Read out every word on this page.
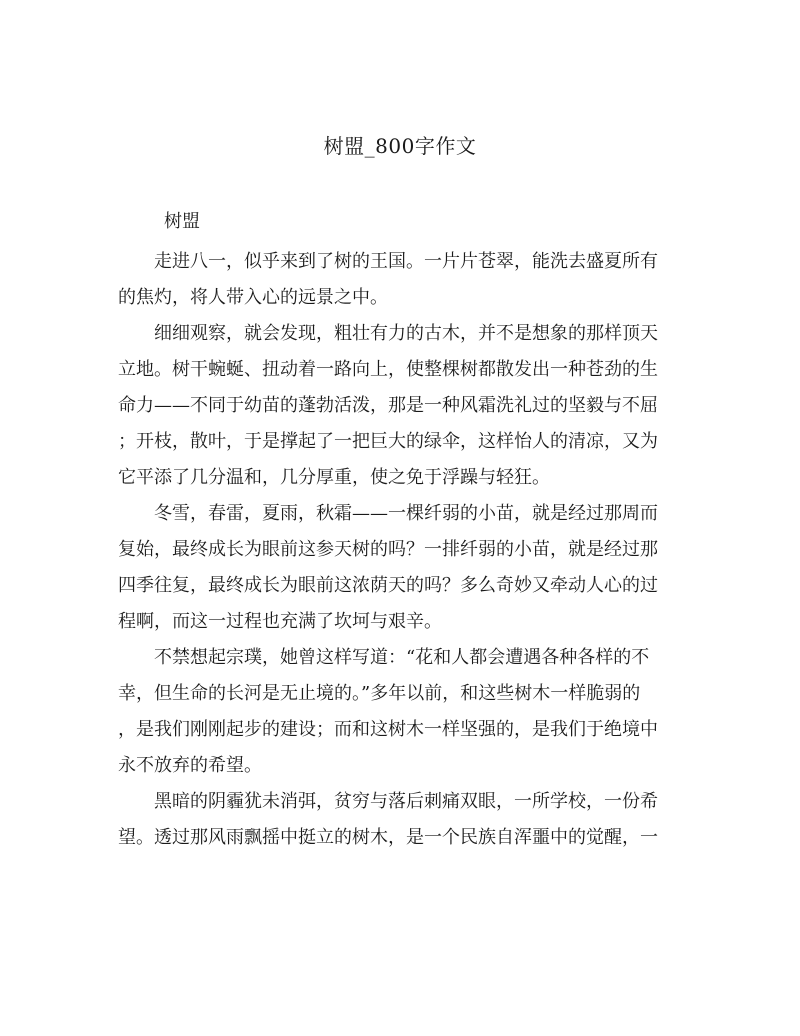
树盟_800字作文

树盟

　　走进八一，似乎来到了树的王国。一片片苍翠，能洗去盛夏所有
的焦灼，将人带入心的远景之中。
　　细细观察，就会发现，粗壮有力的古木，并不是想象的那样顶天
立地。树干蜿蜒、扭动着一路向上，使整棵树都散发出一种苍劲的生
命力——不同于幼苗的蓬勃活泼，那是一种风霜洗礼过的坚毅与不屈
；开枝，散叶，于是撑起了一把巨大的绿伞，这样怡人的清凉，又为
它平添了几分温和，几分厚重，使之免于浮躁与轻狂。
　　冬雪，春雷，夏雨，秋霜——一棵纤弱的小苗，就是经过那周而
复始，最终成长为眼前这参天树的吗？一排纤弱的小苗，就是经过那
四季往复，最终成长为眼前这浓荫天的吗？多么奇妙又牵动人心的过
程啊，而这一过程也充满了坎坷与艰辛。
　　不禁想起宗璞，她曾这样写道：“花和人都会遭遇各种各样的不
幸，但生命的长河是无止境的。”多年以前，和这些树木一样脆弱的
，是我们刚刚起步的建设；而和这树木一样坚强的，是我们于绝境中
永不放弃的希望。
　　黑暗的阴霾犹未消弭，贫穷与落后刺痛双眼，一所学校，一份希
望。透过那风雨飘摇中挺立的树木，是一个民族自浑噩中的觉醒，一
